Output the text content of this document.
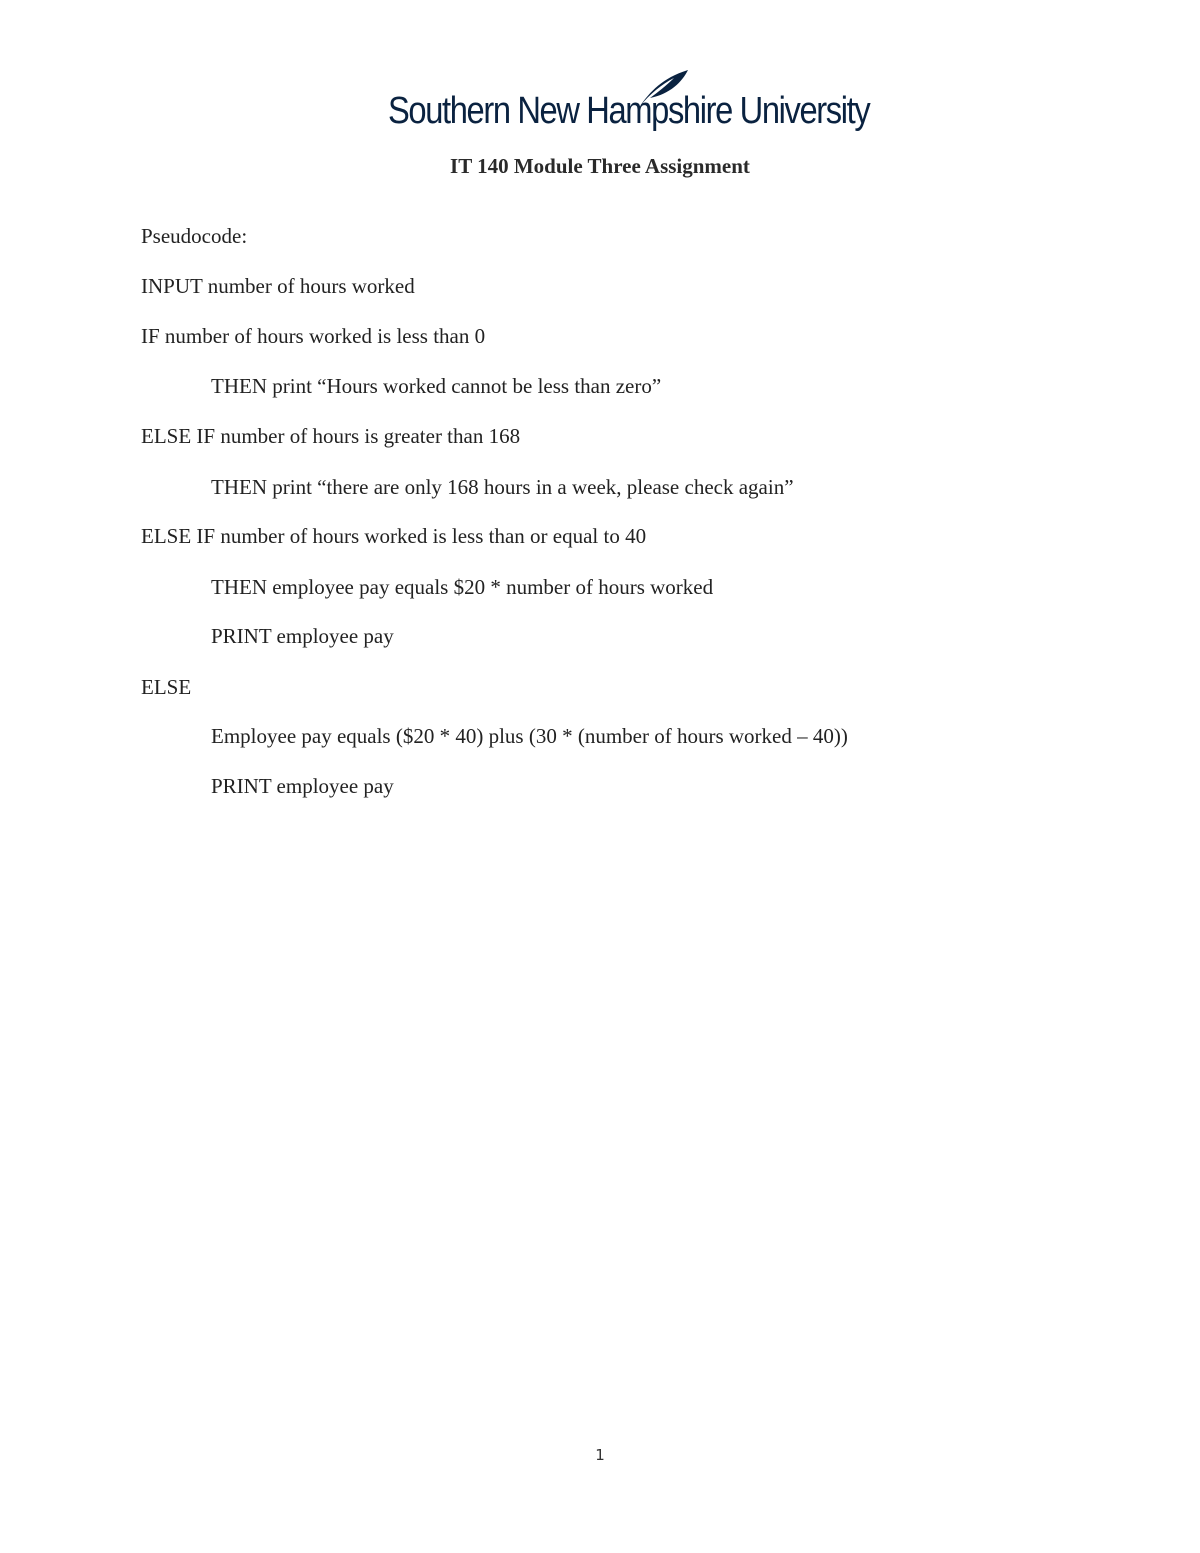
Southern New Hampshire University
IT 140 Module Three Assignment
Pseudocode:
INPUT number of hours worked
IF number of hours worked is less than 0
THEN print “Hours worked cannot be less than zero”
ELSE IF number of hours is greater than 168
THEN print “there are only 168 hours in a week, please check again”
ELSE IF number of hours worked is less than or equal to 40
THEN employee pay equals $20 * number of hours worked
PRINT employee pay
ELSE
Employee pay equals ($20 * 40) plus (30 * (number of hours worked – 40))
PRINT employee pay
1
